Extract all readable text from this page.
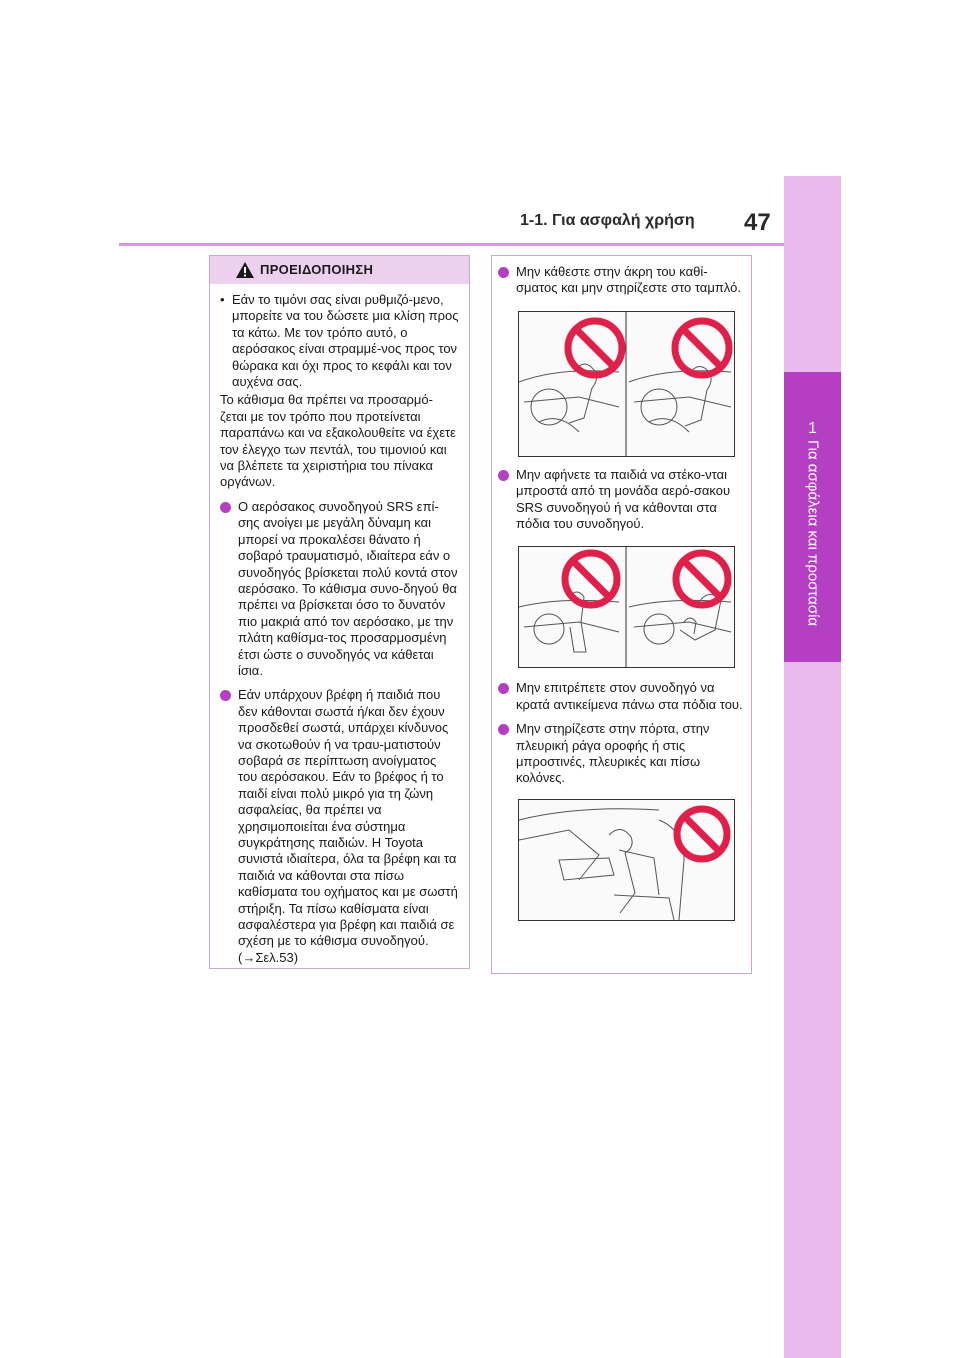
1
Για ασφάλεια και προστασία
1-1. Για ασφαλή χρήση 47
ΠΡΟΕΙΔΟΠΟΙΗΣΗ
• Εάν το τιμόνι σας είναι ρυθμιζό-μενο, μπορείτε να του δώσετε μια κλίση προς τα κάτω. Με τον τρόπο αυτό, ο αερόσακος είναι στραμμέ-νος προς τον θώρακα και όχι προς το κεφάλι και τον αυχένα σας.
Το κάθισμα θα πρέπει να προσαρμό-ζεται με τον τρόπο που προτείνεται παραπάνω και να εξακολουθείτε να έχετε τον έλεγχο των πεντάλ, του τιμονιού και να βλέπετε τα χειριστήρια του πίνακα οργάνων.
Ο αερόσακος συνοδηγού SRS επί-σης ανοίγει με μεγάλη δύναμη και μπορεί να προκαλέσει θάνατο ή σοβαρό τραυματισμό, ιδιαίτερα εάν ο συνοδηγός βρίσκεται πολύ κοντά στον αερόσακο. Το κάθισμα συνο-δηγού θα πρέπει να βρίσκεται όσο το δυνατόν πιο μακριά από τον αερόσακο, με την πλάτη καθίσμα-τος προσαρμοσμένη έτσι ώστε ο συνοδηγός να κάθεται ίσια.
Εάν υπάρχουν βρέφη ή παιδιά που δεν κάθονται σωστά ή/και δεν έχουν προσδεθεί σωστά, υπάρχει κίνδυνος να σκοτωθούν ή να τραυ-ματιστούν σοβαρά σε περίπτωση ανοίγματος του αερόσακου. Εάν το βρέφος ή το παιδί είναι πολύ μικρό για τη ζώνη ασφαλείας, θα πρέπει να χρησιμοποιείται ένα σύστημα συγκράτησης παιδιών. Η Toyota συνιστά ιδιαίτερα, όλα τα βρέφη και τα παιδιά να κάθονται στα πίσω καθίσματα του οχήματος και με σωστή στήριξη. Τα πίσω καθίσματα είναι ασφαλέστερα για βρέφη και παιδιά σε σχέση με το κάθισμα συνοδηγού. (→Σελ.53)
Μην κάθεστε στην άκρη του καθί-σματος και μην στηρίζεστε στο ταμπλό.
Μην αφήνετε τα παιδιά να στέκο-νται μπροστά από τη μονάδα αερό-σακου SRS συνοδηγού ή να κάθονται στα πόδια του συνοδηγού.
Μην επιτρέπετε στον συνοδηγό να κρατά αντικείμενα πάνω στα πόδια του.
Μην στηρίζεστε στην πόρτα, στην πλευρική ράγα οροφής ή στις μπροστινές, πλευρικές και πίσω κολόνες.
